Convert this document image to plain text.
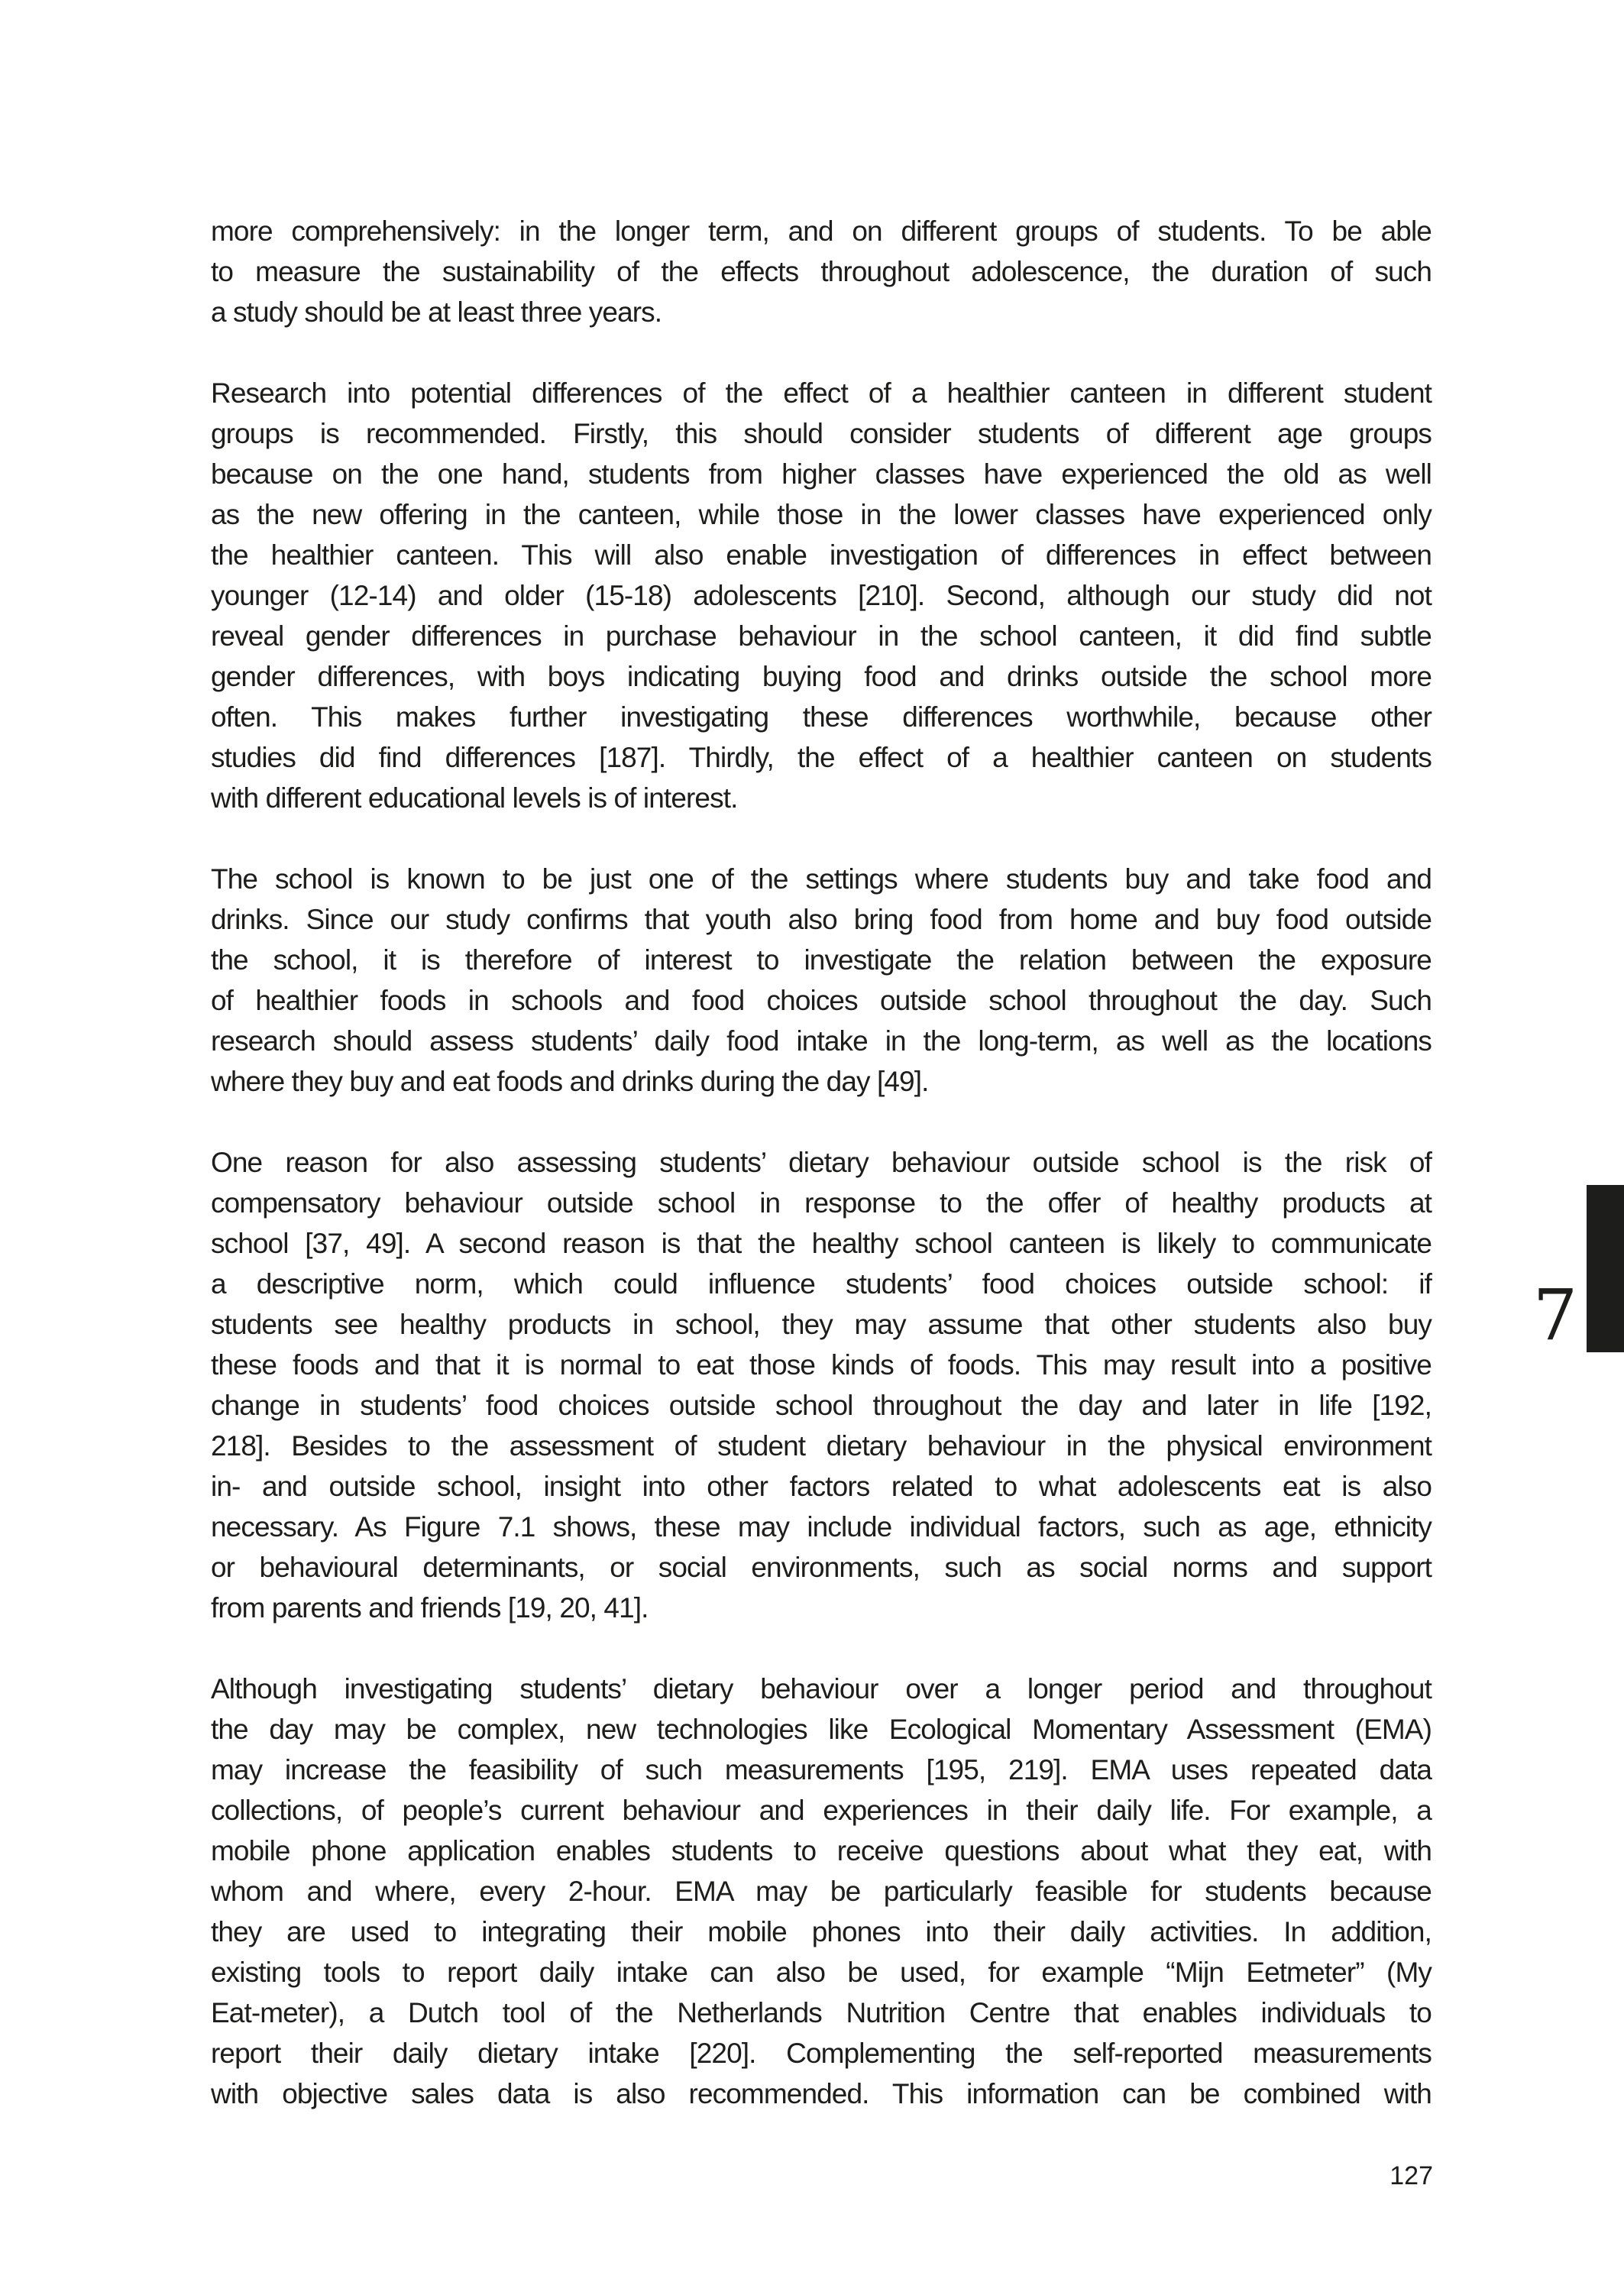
more comprehensively: in the longer term, and on different groups of students. To be able
to measure the sustainability of the effects throughout adolescence, the duration of such
a study should be at least three years.

Research into potential differences of the effect of a healthier canteen in different student
groups is recommended. Firstly, this should consider students of different age groups
because on the one hand, students from higher classes have experienced the old as well
as the new offering in the canteen, while those in the lower classes have experienced only
the healthier canteen. This will also enable investigation of differences in effect between
younger (12-14) and older (15-18) adolescents [210]. Second, although our study did not
reveal gender differences in purchase behaviour in the school canteen, it did find subtle
gender differences, with boys indicating buying food and drinks outside the school more
often. This makes further investigating these differences worthwhile, because other
studies did find differences [187]. Thirdly, the effect of a healthier canteen on students
with different educational levels is of interest.

The school is known to be just one of the settings where students buy and take food and
drinks. Since our study confirms that youth also bring food from home and buy food outside
the school, it is therefore of interest to investigate the relation between the exposure
of healthier foods in schools and food choices outside school throughout the day. Such
research should assess students’ daily food intake in the long-term, as well as the locations
where they buy and eat foods and drinks during the day [49].

One reason for also assessing students’ dietary behaviour outside school is the risk of
compensatory behaviour outside school in response to the offer of healthy products at
school [37, 49]. A second reason is that the healthy school canteen is likely to communicate
a descriptive norm, which could influence students’ food choices outside school: if
students see healthy products in school, they may assume that other students also buy
these foods and that it is normal to eat those kinds of foods. This may result into a positive
change in students’ food choices outside school throughout the day and later in life [192,
218]. Besides to the assessment of student dietary behaviour in the physical environment
in- and outside school, insight into other factors related to what adolescents eat is also
necessary. As Figure 7.1 shows, these may include individual factors, such as age, ethnicity
or behavioural determinants, or social environments, such as social norms and support
from parents and friends [19, 20, 41].

Although investigating students’ dietary behaviour over a longer period and throughout
the day may be complex, new technologies like Ecological Momentary Assessment (EMA)
may increase the feasibility of such measurements [195, 219]. EMA uses repeated data
collections, of people’s current behaviour and experiences in their daily life. For example, a
mobile phone application enables students to receive questions about what they eat, with
whom and where, every 2-hour. EMA may be particularly feasible for students because
they are used to integrating their mobile phones into their daily activities. In addition,
existing tools to report daily intake can also be used, for example “Mijn Eetmeter” (My
Eat-meter), a Dutch tool of the Netherlands Nutrition Centre that enables individuals to
report their daily dietary intake [220]. Complementing the self-reported measurements
with objective sales data is also recommended. This information can be combined with

7
127
